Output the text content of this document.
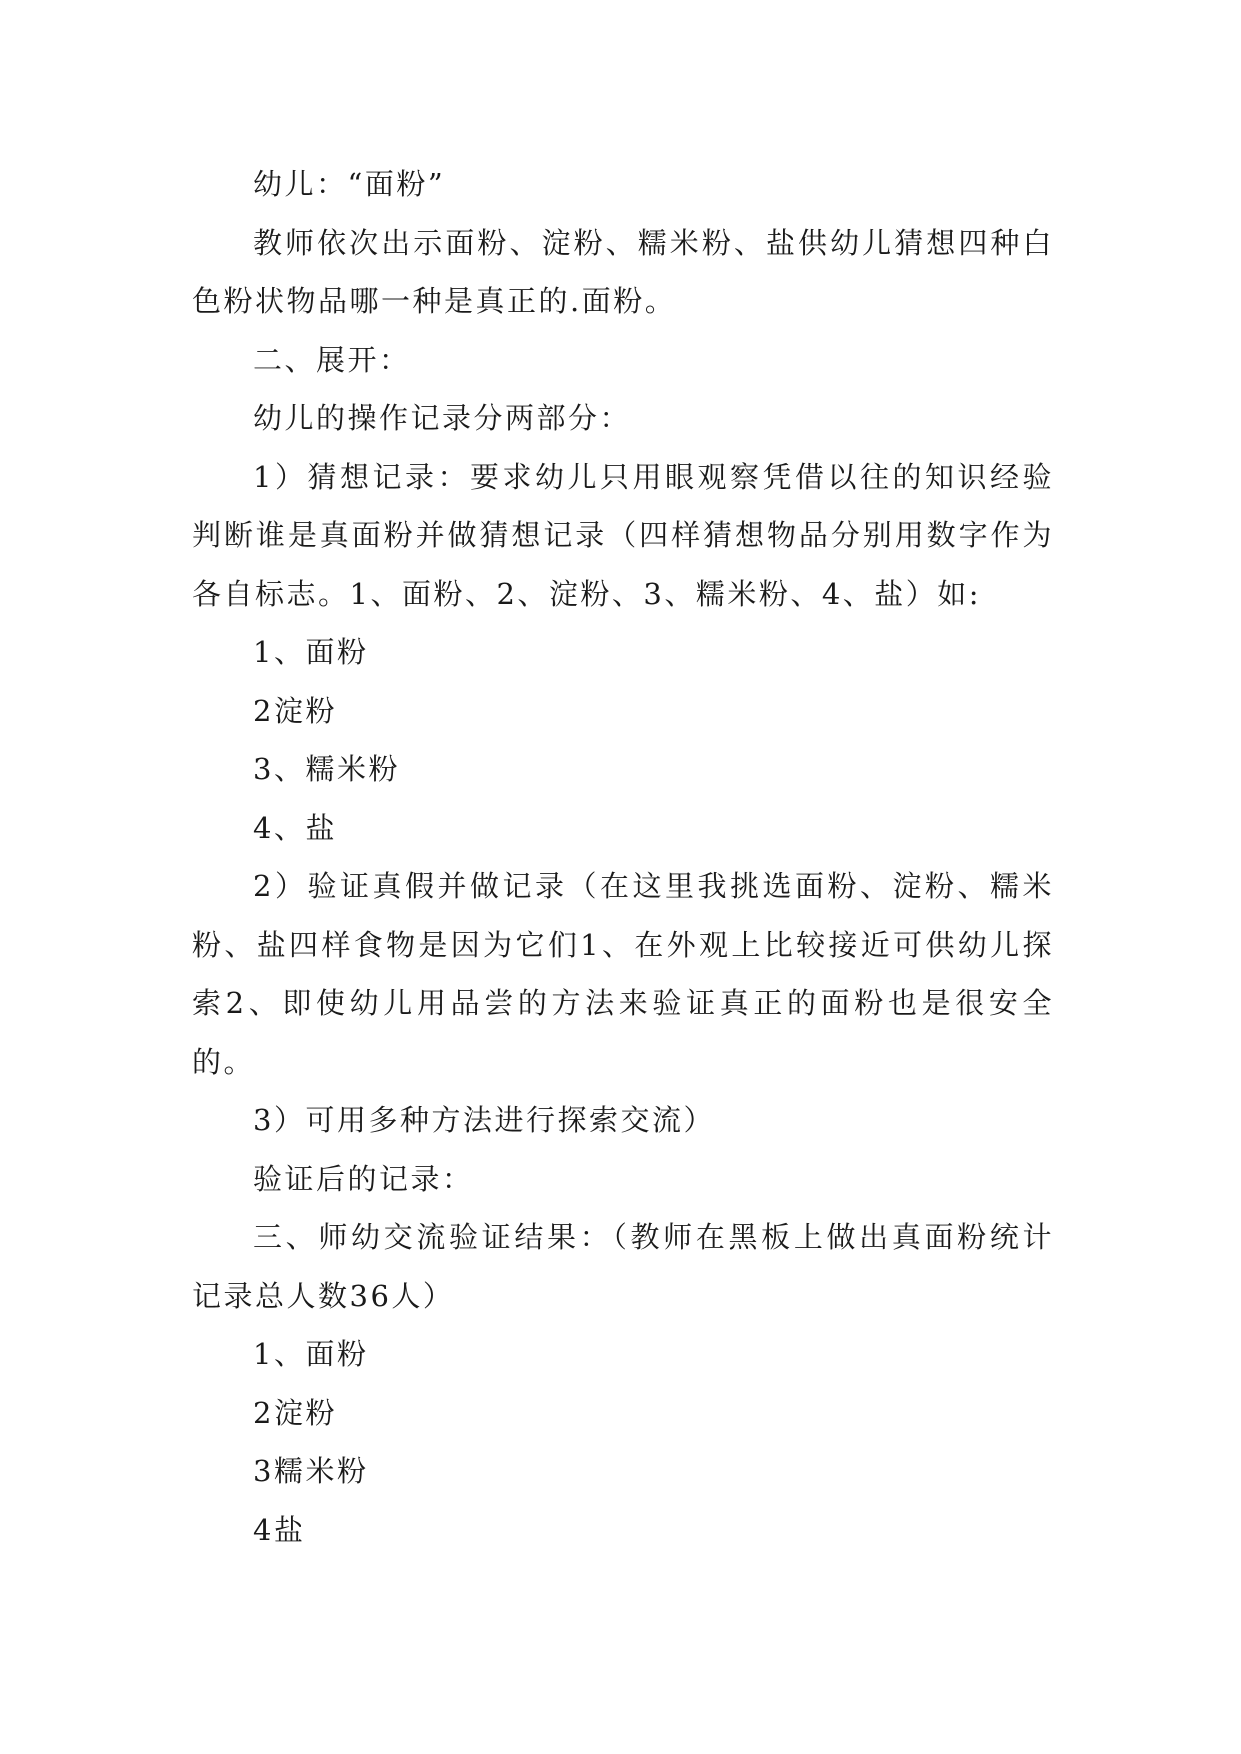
幼儿：“面粉”

教师依次出示面粉、淀粉、糯米粉、盐供幼儿猜想四种白色粉状物品哪一种是真正的.面粉。

二、展开：

幼儿的操作记录分两部分：

1）猜想记录：要求幼儿只用眼观察凭借以往的知识经验判断谁是真面粉并做猜想记录（四样猜想物品分别用数字作为各自标志。1、面粉、2、淀粉、3、糯米粉、4、盐）如:

1、面粉

2淀粉

3、糯米粉

4、盐

2）验证真假并做记录（在这里我挑选面粉、淀粉、糯米粉、盐四样食物是因为它们1、在外观上比较接近可供幼儿探索2、即使幼儿用品尝的方法来验证真正的面粉也是很安全的。

3）可用多种方法进行探索交流）

验证后的记录：

三、师幼交流验证结果：（教师在黑板上做出真面粉统计记录总人数36人）

1、面粉

2淀粉

3糯米粉

4盐
